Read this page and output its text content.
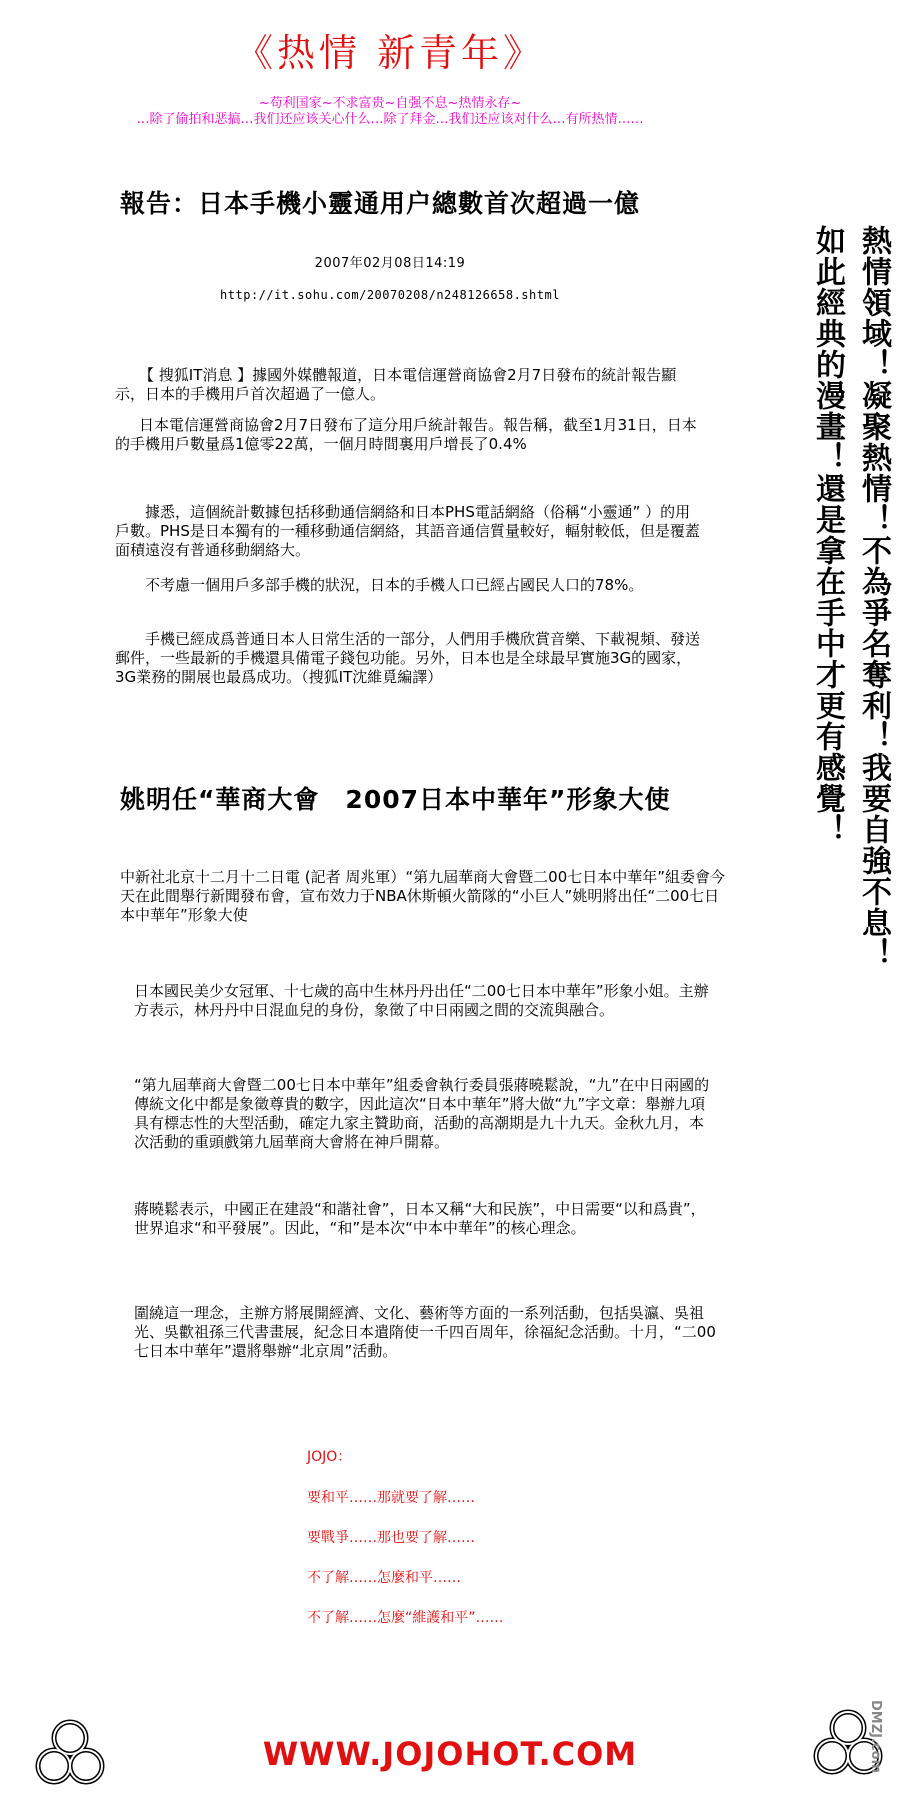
《热情 新青年》
~苟利国家~不求富贵~自强不息~热情永存~
…除了偷拍和恶搞…我们还应该关心什么…除了拜金…我们还应该对什么…有所热情……
報告：日本手機小靈通用户總數首次超過一億
2007年02月08日14:19
http://it.sohu.com/20070208/n248126658.shtml

【 搜狐IT消息 】據國外媒體報道，日本電信運營商協會2月7日發布的統計報告顯示，日本的手機用戶首次超過了一億人。

日本電信運營商協會2月7日發布了這分用戶統計報告。報告稱，截至1月31日，日本的手機用戶數量爲1億零22萬，一個月時間裏用戶增長了0.4%

據悉，這個統計數據包括移動通信網絡和日本PHS電話網絡（俗稱“小靈通” ）的用戶數。PHS是日本獨有的一種移動通信網絡，其語音通信質量較好，輻射較低，但是覆蓋面積遠沒有普通移動網絡大。

不考慮一個用戶多部手機的狀況，日本的手機人口已經占國民人口的78%。

手機已經成爲普通日本人日常生活的一部分，人們用手機欣賞音樂、下載視頻、發送郵件，一些最新的手機還具備電子錢包功能。另外，日本也是全球最早實施3G的國家，3G業務的開展也最爲成功。（搜狐IT沈維覓編譯）

姚明任“華商大會　2007日本中華年”形象大使

中新社北京十二月十二日電 (記者 周兆軍）“第九屆華商大會暨二00七日本中華年”組委會今天在此間舉行新聞發布會，宣布效力于NBA休斯頓火箭隊的“小巨人”姚明將出任“二00七日本中華年”形象大使

日本國民美少女冠軍、十七歲的高中生林丹丹出任“二00七日本中華年”形象小姐。主辦方表示，林丹丹中日混血兒的身份，象徵了中日兩國之間的交流與融合。

“第九屆華商大會暨二00七日本中華年”組委會執行委員張蔣曉鬆說，“九”在中日兩國的傳統文化中都是象徵尊貴的數字，因此這次“日本中華年”將大做“九”字文章：舉辦九項具有標志性的大型活動，確定九家主贊助商，活動的高潮期是九十九天。金秋九月，本次活動的重頭戲第九屆華商大會將在神戶開幕。

蔣曉鬆表示，中國正在建設“和諧社會”，日本又稱“大和民族”，中日需要“以和爲貴”，世界追求“和平發展”。因此，“和”是本次“中本中華年”的核心理念。

圍繞這一理念，主辦方將展開經濟、文化、藝術等方面的一系列活動，包括吳瀛、吳祖光、吳歡祖孫三代書畫展，紀念日本遣隋使一千四百周年，徐福紀念活動。十月，“二00七日本中華年”還將舉辦“北京周”活動。

JOJO：
要和平……那就要了解……
要戰爭……那也要了解……
不了解……怎麼和平……
不了解……怎麼“維護和平”……
熱情領域！凝聚熱情！不為爭名奪利！我要自強不息！如此經典的漫畫！還是拿在手中才更有感覺！
WWW.JOJOHOT.COM	DMZJ.com
